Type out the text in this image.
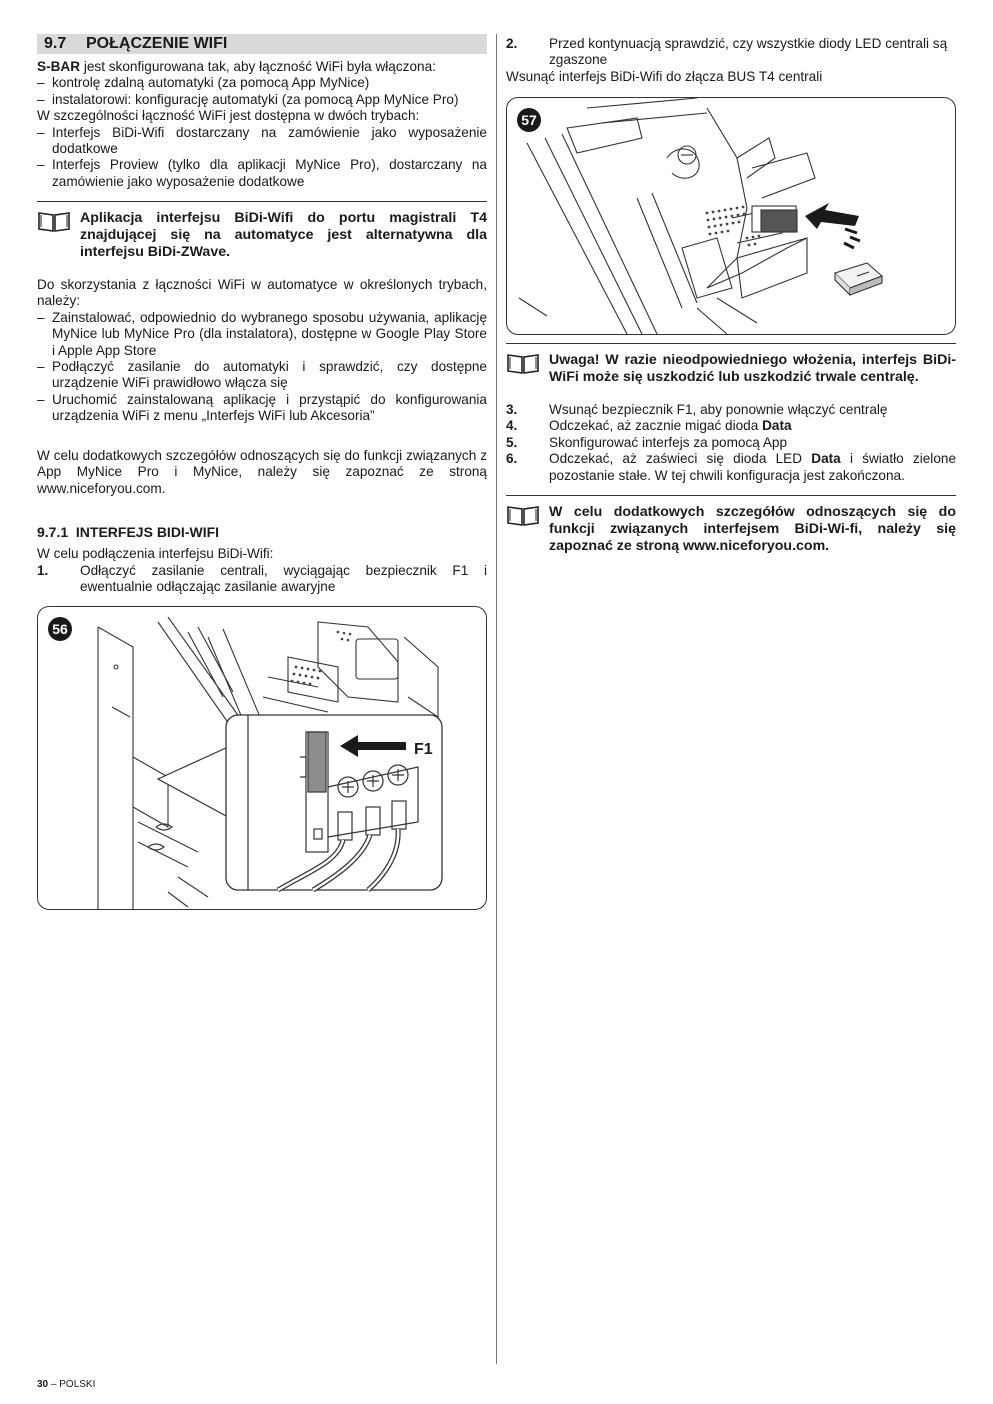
9.7 POŁĄCZENIE WIFI

S-BAR jest skonfigurowana tak, aby łączność WiFi była włączona:

– kontrolę zdalną automatyki (za pomocą App MyNice)

– instalatorowi: konfigurację automatyki (za pomocą App MyNice Pro)

W szczególności łączność WiFi jest dostępna w dwóch trybach:

– Interfejs BiDi-Wifi dostarczany na zamówienie jako wyposażenie dodatkowe

– Interfejs Proview (tylko dla aplikacji MyNice Pro), dostarczany na zamówienie jako wyposażenie dodatkowe

Aplikacja interfejsu BiDi-Wifi do portu magistrali T4 znajdującej się na automatyce jest alternatywna dla interfejsu BiDi-ZWave.

Do skorzystania z łączności WiFi w automatyce w określonych trybach, należy:

– Zainstalować, odpowiednio do wybranego sposobu używania, aplikację MyNice lub MyNice Pro (dla instalatora), dostępne w Google Play Store i Apple App Store

– Podłączyć zasilanie do automatyki i sprawdzić, czy dostępne urządzenie WiFi prawidłowo włącza się

– Uruchomić zainstalowaną aplikację i przystąpić do konfigurowania urządzenia WiFi z menu „Interfejs WiFi lub Akcesoria”

W celu dodatkowych szczegółów odnoszących się do funkcji związanych z App MyNice Pro i MyNice, należy się zapoznać ze stroną www.niceforyou.com.

9.7.1 INTERFEJS BIDI-WIFI

W celu podłączenia interfejsu BiDi-Wifi:

1. Odłączyć zasilanie centrali, wyciągając bezpiecznik F1 i ewentualnie odłączając zasilanie awaryjne
F1
56
2. Przed kontynuacją sprawdzić, czy wszystkie diody LED centrali są zgaszone

Wsunąć interfejs BiDi-Wifi do złącza BUS T4 centrali

57
Uwaga! W razie nieodpowiedniego włożenia, interfejs BiDi-WiFi może się uszkodzić lub uszkodzić trwale centralę.
3. Wsunąć bezpiecznik F1, aby ponownie włączyć centralę
4. Odczekać, aż zacznie migać dioda Data
5. Skonfigurować interfejs za pomocą App
6. Odczekać, aż zaświeci się dioda LED Data i światło zielone pozostanie stałe. W tej chwili konfiguracja jest zakończona.
W celu dodatkowych szczegółów odnoszących się do funkcji związanych interfejsem BiDi-Wi-fi, należy się zapoznać ze stroną www.niceforyou.com.
30 – POLSKI
